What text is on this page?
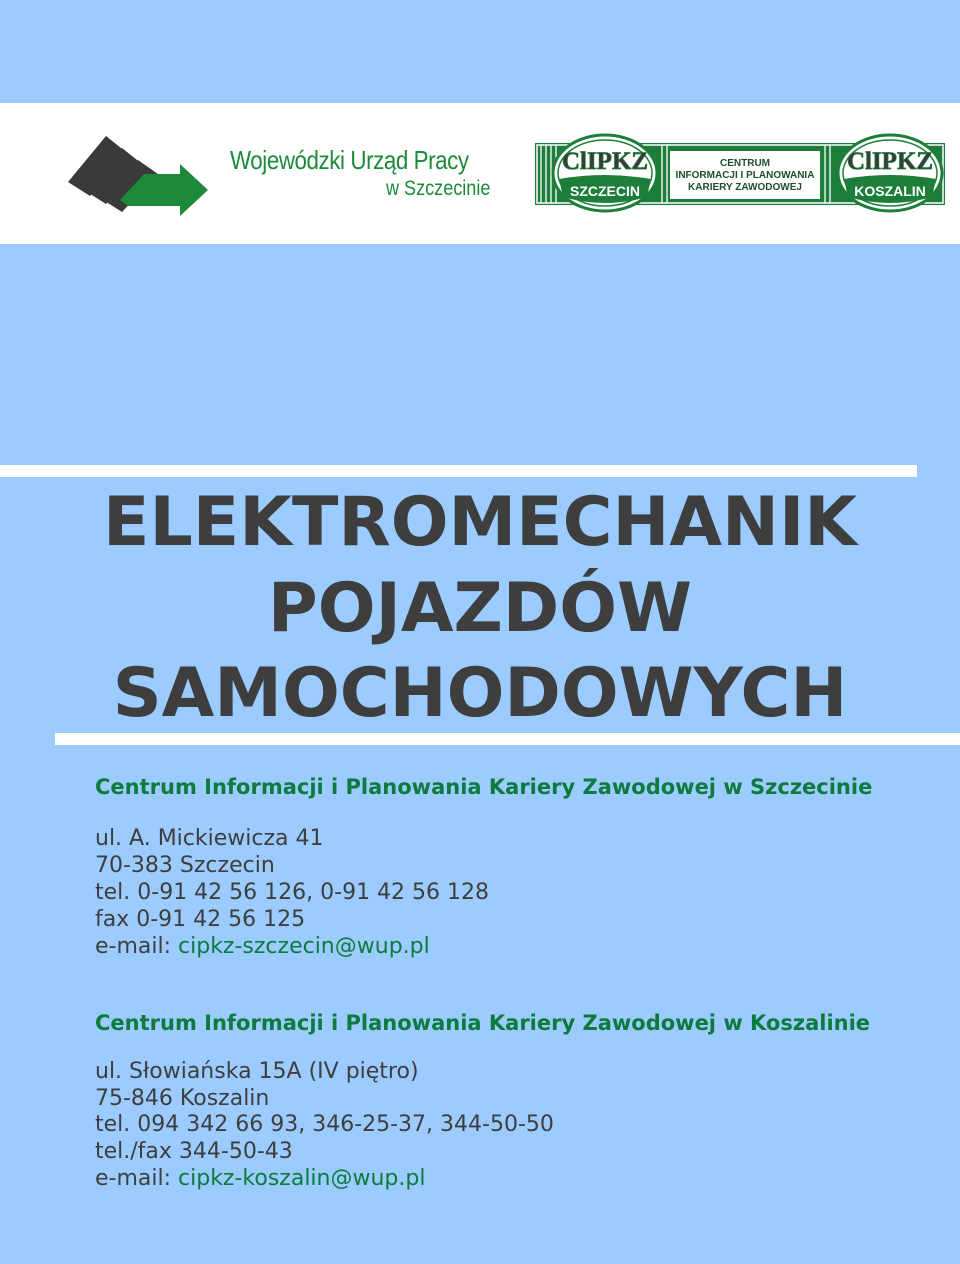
Wojewódzki Urząd Pracy
w Szczecinie
CENTRUM
INFORMACJI I PLANOWANIA
KARIERY ZAWODOWEJ
ClIPKZ
SZCZECIN
ClIPKZ
KOSZALIN
ELEKTROMECHANIK
POJAZDÓW
SAMOCHODOWYCH
Centrum Informacji i Planowania Kariery Zawodowej w Szczecinie
ul. A. Mickiewicza 41
70-383 Szczecin
tel. 0-91 42 56 126, 0-91 42 56 128
fax 0-91 42 56 125
e-mail: cipkz-szczecin@wup.pl
Centrum Informacji i Planowania Kariery Zawodowej w Koszalinie
ul. Słowiańska 15A (IV piętro)
75-846 Koszalin
tel. 094 342 66 93, 346-25-37, 344-50-50
tel./fax 344-50-43
e-mail: cipkz-koszalin@wup.pl
